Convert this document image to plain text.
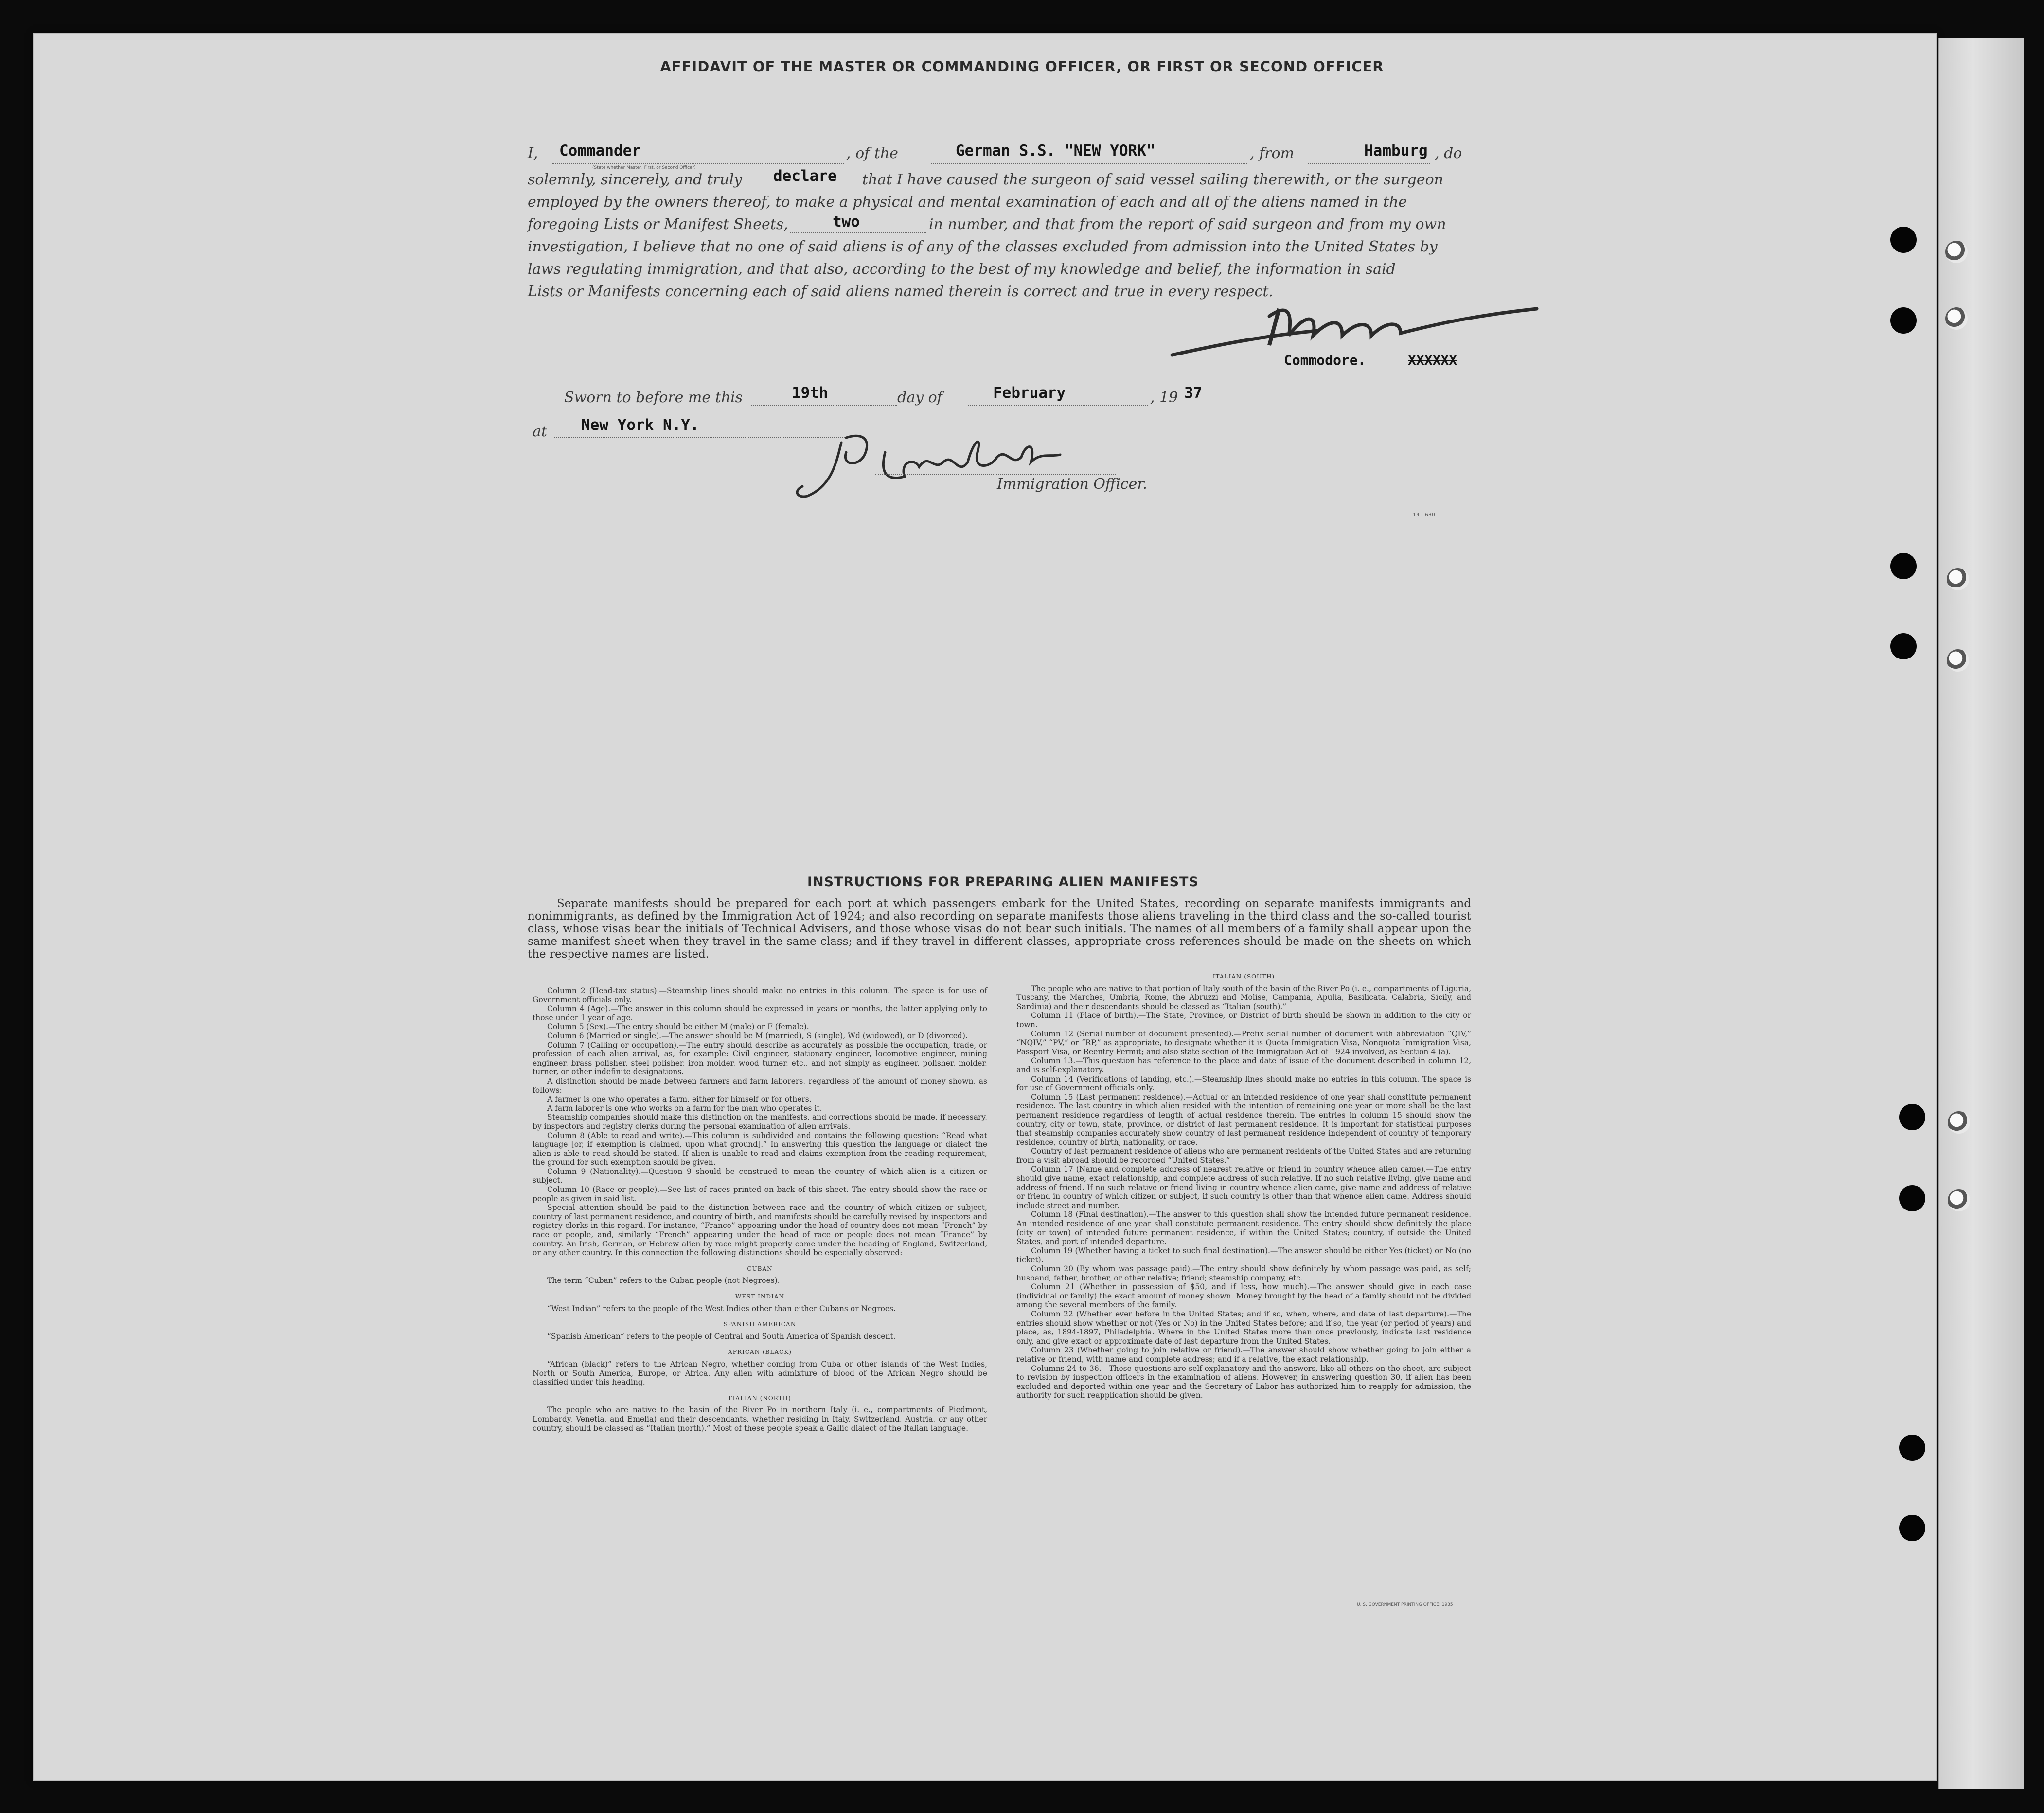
AFFIDAVIT OF THE MASTER OR COMMANDING OFFICER, OR FIRST OR SECOND OFFICER
I, Commander	, of the	German S.S. "NEW YORK"	, from	Hamburg , do
(State whether Master, First, or Second Officer)
solemnly, sincerely, and truly declare that I have caused the surgeon of said vessel sailing therewith, or the surgeon
employed by the owners thereof, to make a physical and mental examination of each and all of the aliens named in the
foregoing Lists or Manifest Sheets,	two	in number, and that from the report of said surgeon and from my own
investigation, I believe that no one of said aliens is of any of the classes excluded from admission into the United States by
laws regulating immigration, and that also, according to the best of my knowledge and belief, the information in said
Lists or Manifests concerning each of said aliens named therein is correct and true in every respect.
Commodore.	XXXXXX
Sworn to before me this	19th	day of	February	, 19 37
at New York N.Y.
Immigration Officer.
14—630
INSTRUCTIONS FOR PREPARING ALIEN MANIFESTS
Separate manifests should be prepared for each port at which passengers embark for the United States, recording on separate manifests immigrants and nonimmigrants, as defined by the Immigration Act of 1924; and also recording on separate manifests those aliens traveling in the third class and the so-called tourist class, whose visas bear the initials of Technical Advisers, and those whose visas do not bear such initials. The names of all members of a family shall appear upon the same manifest sheet when they travel in the same class; and if they travel in different classes, appropriate cross references should be made on the sheets on which the respective names are listed.

Column 2 (Head-tax status).—Steamship lines should make no entries in this column. The space is for use of Government officials only.

Column 4 (Age).—The answer in this column should be expressed in years or months, the latter applying only to those under 1 year of age.

Column 5 (Sex).—The entry should be either M (male) or F (female).

Column 6 (Married or single).—The answer should be M (married), S (single), Wd (widowed), or D (divorced).

Column 7 (Calling or occupation).—The entry should describe as accurately as possible the occupation, trade, or profession of each alien arrival, as, for example: Civil engineer, stationary engineer, locomotive engineer, mining engineer, brass polisher, steel polisher, iron molder, wood turner, etc., and not simply as engineer, polisher, molder, turner, or other indefinite designations.

A distinction should be made between farmers and farm laborers, regardless of the amount of money shown, as follows:

A farmer is one who operates a farm, either for himself or for others.

A farm laborer is one who works on a farm for the man who operates it.

Steamship companies should make this distinction on the manifests, and corrections should be made, if necessary, by inspectors and registry clerks during the personal examination of alien arrivals.

Column 8 (Able to read and write).—This column is subdivided and contains the following question: “Read what language [or, if exemption is claimed, upon what ground].” In answering this question the language or dialect the alien is able to read should be stated. If alien is unable to read and claims exemption from the reading requirement, the ground for such exemption should be given.

Column 9 (Nationality).—Question 9 should be construed to mean the country of which alien is a citizen or subject.

Column 10 (Race or people).—See list of races printed on back of this sheet. The entry should show the race or people as given in said list.

Special attention should be paid to the distinction between race and the country of which citizen or subject, country of last permanent residence, and country of birth, and manifests should be carefully revised by inspectors and registry clerks in this regard. For instance, “France” appearing under the head of country does not mean “French” by race or people, and, similarly “French” appearing under the head of race or people does not mean “France” by country. An Irish, German, or Hebrew alien by race might properly come under the heading of England, Switzerland, or any other country. In this connection the following distinctions should be especially observed:

CUBAN

The term “Cuban” refers to the Cuban people (not Negroes).

WEST INDIAN

“West Indian” refers to the people of the West Indies other than either Cubans or Negroes.

SPANISH AMERICAN

“Spanish American” refers to the people of Central and South America of Spanish descent.

AFRICAN (BLACK)

“African (black)” refers to the African Negro, whether coming from Cuba or other islands of the West Indies, North or South America, Europe, or Africa. Any alien with admixture of blood of the African Negro should be classified under this heading.

ITALIAN (NORTH)

The people who are native to the basin of the River Po in northern Italy (i. e., compartments of Piedmont, Lombardy, Venetia, and Emelia) and their descendants, whether residing in Italy, Switzerland, Austria, or any other country, should be classed as “Italian (north).” Most of these people speak a Gallic dialect of the Italian language.

ITALIAN (SOUTH)

The people who are native to that portion of Italy south of the basin of the River Po (i. e., compartments of Liguria, Tuscany, the Marches, Umbria, Rome, the Abruzzi and Molise, Campania, Apulia, Basilicata, Calabria, Sicily, and Sardinia) and their descendants should be classed as “Italian (south).”

Column 11 (Place of birth).—The State, Province, or District of birth should be shown in addition to the city or town.

Column 12 (Serial number of document presented).—Prefix serial number of document with abbreviation “QIV,” “NQIV,” “PV,” or “RP,” as appropriate, to designate whether it is Quota Immigration Visa, Nonquota Immigration Visa, Passport Visa, or Reentry Permit; and also state section of the Immigration Act of 1924 involved, as Section 4 (a).

Column 13.—This question has reference to the place and date of issue of the document described in column 12, and is self-explanatory.

Column 14 (Verifications of landing, etc.).—Steamship lines should make no entries in this column. The space is for use of Government officials only.

Column 15 (Last permanent residence).—Actual or an intended residence of one year shall constitute permanent residence. The last country in which alien resided with the intention of remaining one year or more shall be the last permanent residence regardless of length of actual residence therein. The entries in column 15 should show the country, city or town, state, province, or district of last permanent residence. It is important for statistical purposes that steamship companies accurately show country of last permanent residence independent of country of temporary residence, country of birth, nationality, or race.

Country of last permanent residence of aliens who are permanent residents of the United States and are returning from a visit abroad should be recorded “United States.”

Column 17 (Name and complete address of nearest relative or friend in country whence alien came).—The entry should give name, exact relationship, and complete address of such relative. If no such relative living, give name and address of friend. If no such relative or friend living in country whence alien came, give name and address of relative or friend in country of which citizen or subject, if such country is other than that whence alien came. Address should include street and number.

Column 18 (Final destination).—The answer to this question shall show the intended future permanent residence. An intended residence of one year shall constitute permanent residence. The entry should show definitely the place (city or town) of intended future permanent residence, if within the United States; country, if outside the United States, and port of intended departure.

Column 19 (Whether having a ticket to such final destination).—The answer should be either Yes (ticket) or No (no ticket).

Column 20 (By whom was passage paid).—The entry should show definitely by whom passage was paid, as self; husband, father, brother, or other relative; friend; steamship company, etc.

Column 21 (Whether in possession of $50, and if less, how much).—The answer should give in each case (individual or family) the exact amount of money shown. Money brought by the head of a family should not be divided among the several members of the family.

Column 22 (Whether ever before in the United States; and if so, when, where, and date of last departure).—The entries should show whether or not (Yes or No) in the United States before; and if so, the year (or period of years) and place, as, 1894-1897, Philadelphia. Where in the United States more than once previously, indicate last residence only, and give exact or approximate date of last departure from the United States.

Column 23 (Whether going to join relative or friend).—The answer should show whether going to join either a relative or friend, with name and complete address; and if a relative, the exact relationship.

Columns 24 to 36.—These questions are self-explanatory and the answers, like all others on the sheet, are subject to revision by inspection officers in the examination of aliens. However, in answering question 30, if alien has been excluded and deported within one year and the Secretary of Labor has authorized him to reapply for admission, the authority for such reapplication should be given.

U. S. GOVERNMENT PRINTING OFFICE: 1935
